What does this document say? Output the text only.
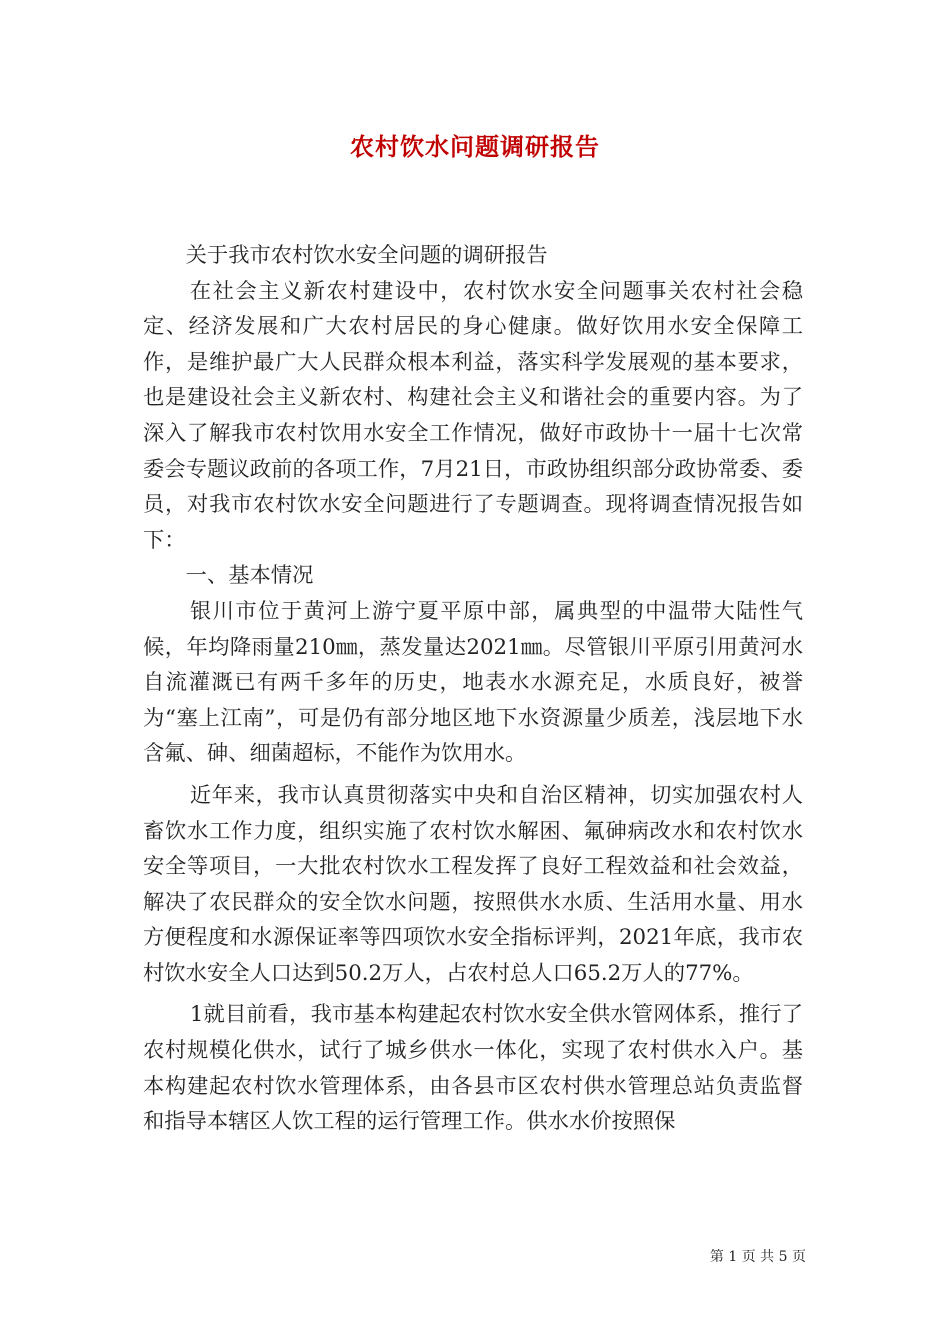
农村饮水问题调研报告

关于我市农村饮水安全问题的调研报告

在社会主义新农村建设中，农村饮水安全问题事关农村社会稳定、经济发展和广大农村居民的身心健康。做好饮用水安全保障工作，是维护最广大人民群众根本利益，落实科学发展观的基本要求，也是建设社会主义新农村、构建社会主义和谐社会的重要内容。为了深入了解我市农村饮用水安全工作情况，做好市政协十一届十七次常委会专题议政前的各项工作，7月21日，市政协组织部分政协常委、委员，对我市农村饮水安全问题进行了专题调查。现将调查情况报告如下：

一、基本情况

银川市位于黄河上游宁夏平原中部，属典型的中温带大陆性气候，年均降雨量210㎜，蒸发量达2021㎜。尽管银川平原引用黄河水自流灌溉已有两千多年的历史，地表水水源充足，水质良好，被誉为“塞上江南”，可是仍有部分地区地下水资源量少质差，浅层地下水含氟、砷、细菌超标，不能作为饮用水。

近年来，我市认真贯彻落实中央和自治区精神，切实加强农村人畜饮水工作力度，组织实施了农村饮水解困、氟砷病改水和农村饮水安全等项目，一大批农村饮水工程发挥了良好工程效益和社会效益，解决了农民群众的安全饮水问题，按照供水水质、生活用水量、用水方便程度和水源保证率等四项饮水安全指标评判，2021年底，我市农村饮水安全人口达到50.2万人，占农村总人口65.2万人的77%。

1就目前看，我市基本构建起农村饮水安全供水管网体系，推行了农村规模化供水，试行了城乡供水一体化，实现了农村供水入户。基本构建起农村饮水管理体系，由各县市区农村供水管理总站负责监督和指导本辖区人饮工程的运行管理工作。供水水价按照保

第 1 页 共 5 页
